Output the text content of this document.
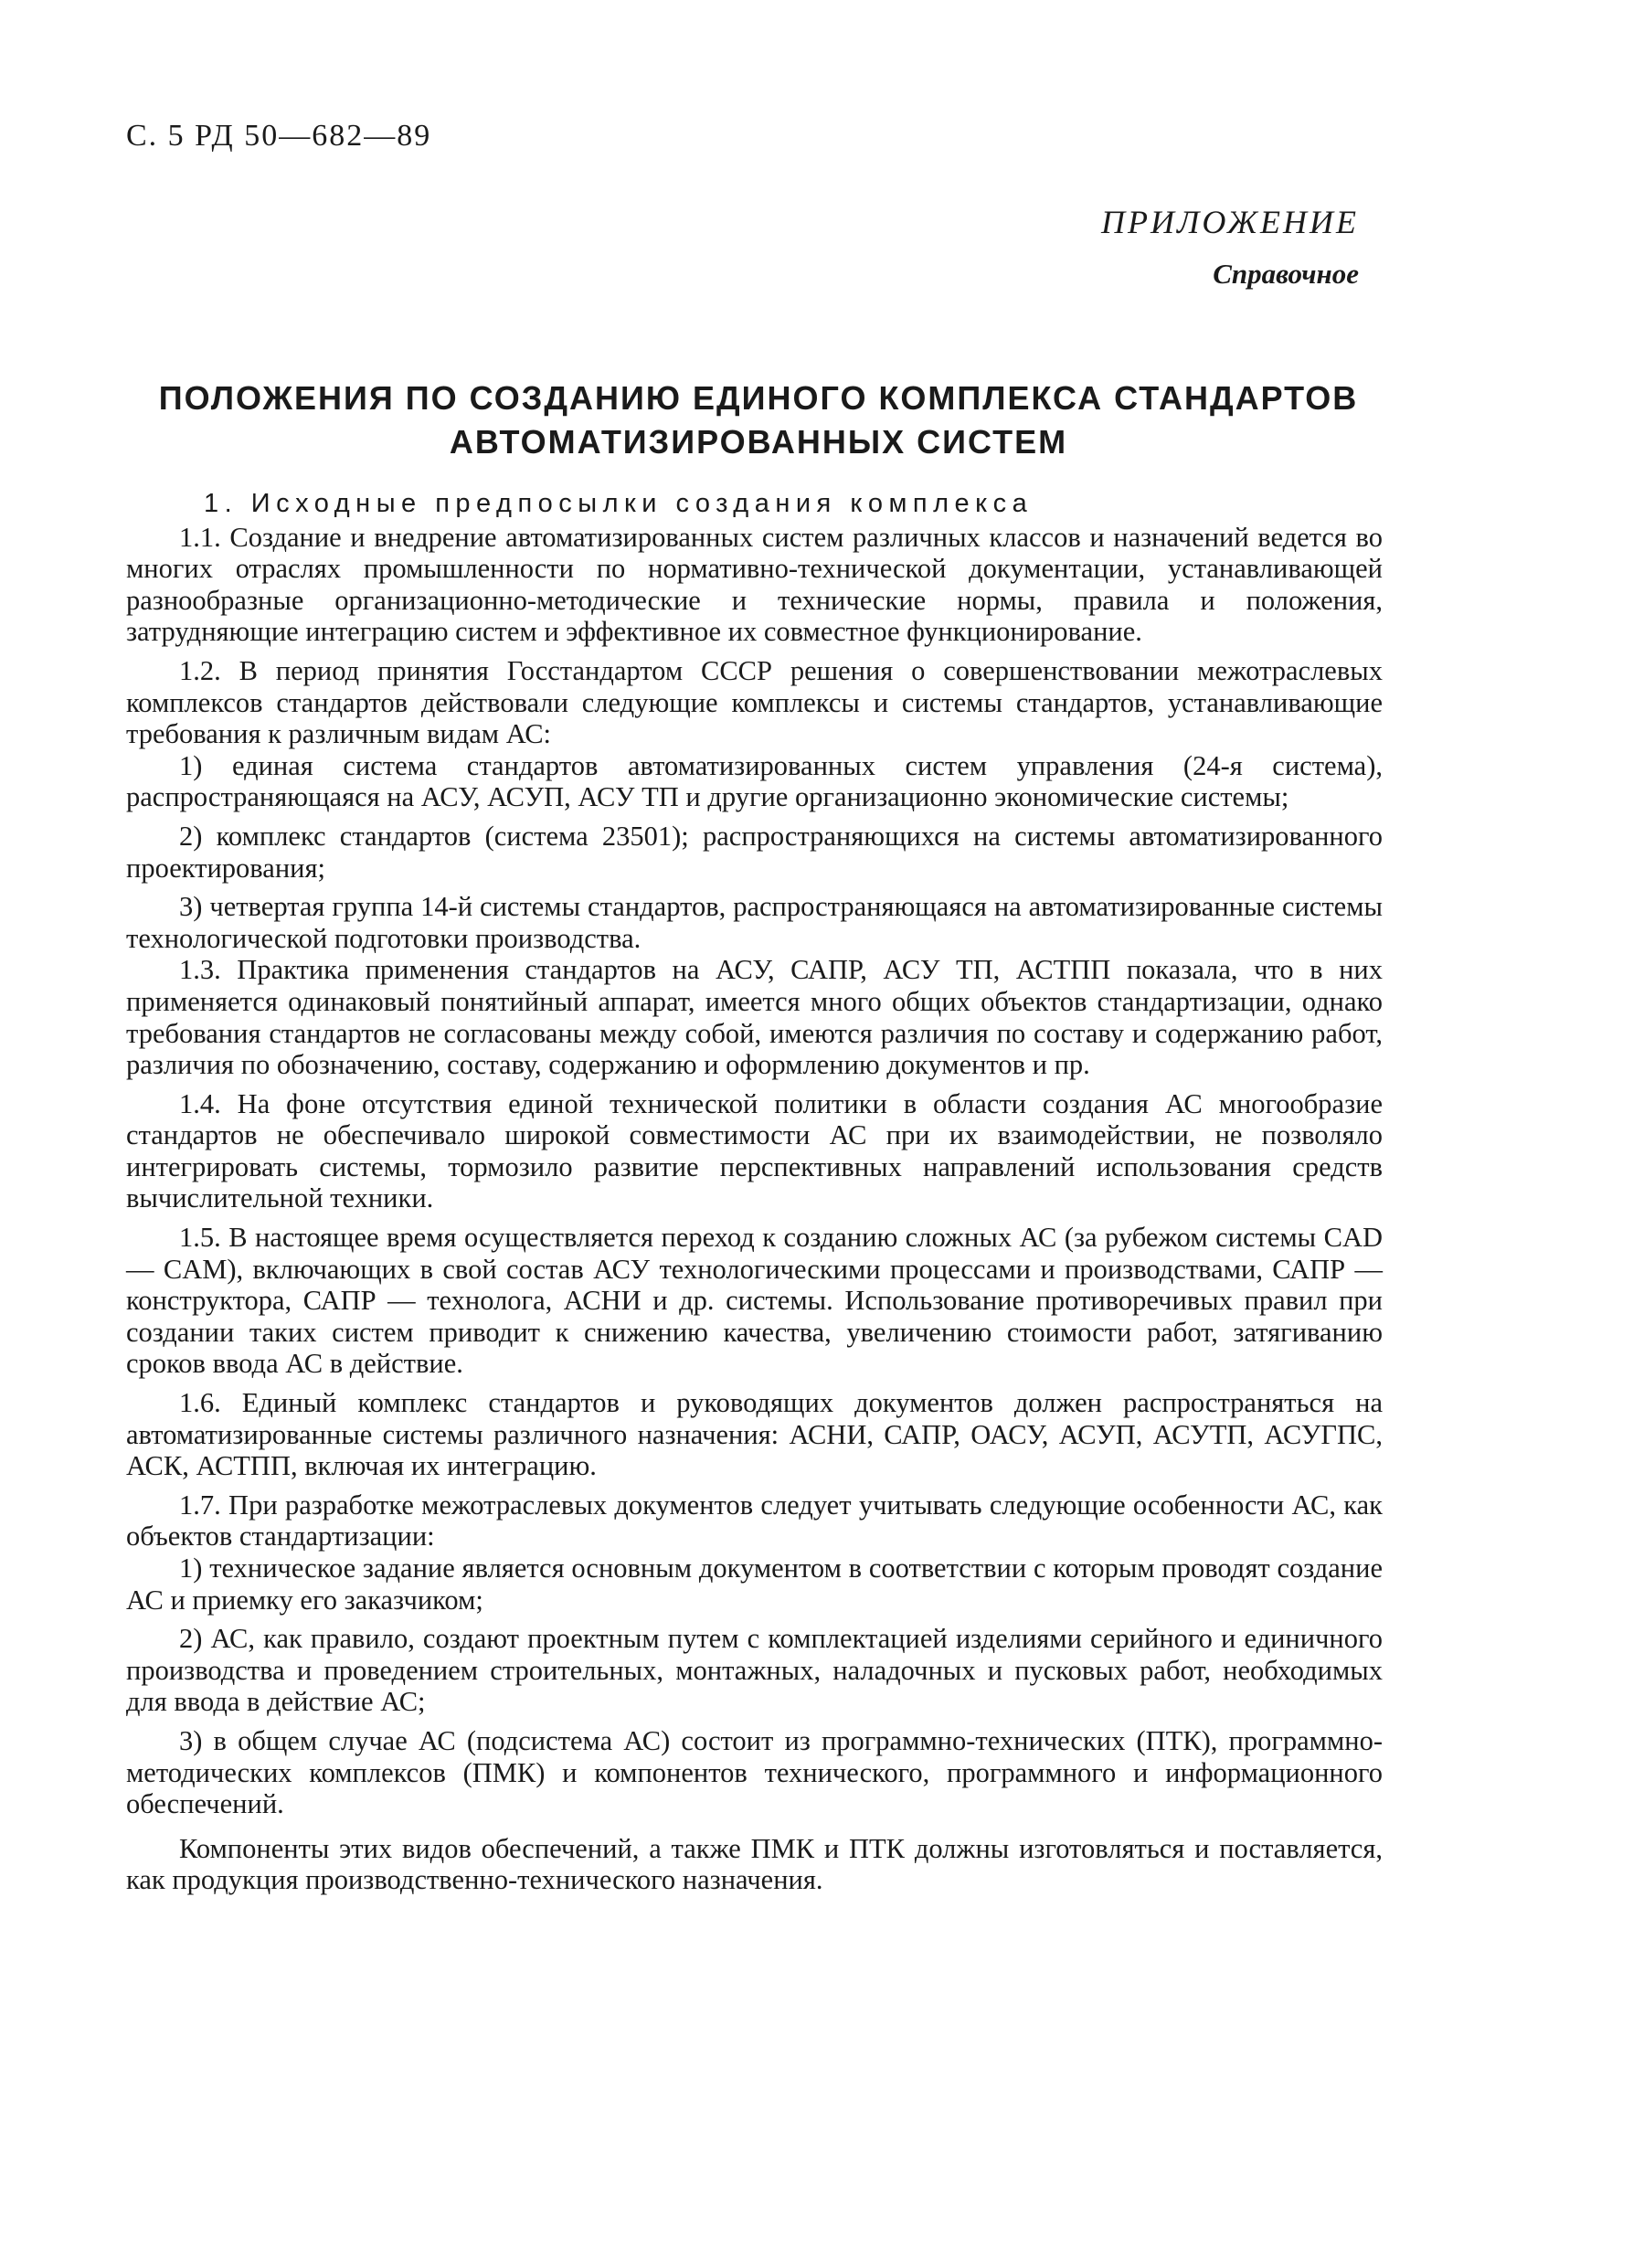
С. 5 РД 50—682—89
ПРИЛОЖЕНИЕ
Справочное
ПОЛОЖЕНИЯ ПО СОЗДАНИЮ ЕДИНОГО КОМПЛЕКСА СТАНДАРТОВ
АВТОМАТИЗИРОВАННЫХ СИСТЕМ

1. Исходные предпосылки создания комплекса

1.1. Создание и внедрение автоматизированных систем различных классов и назначений ведется во многих отраслях промышленности по нормативно-технической документации, устанавливающей разнообразные организационно-методические и технические нормы, правила и положения, затрудняющие интеграцию систем и эффективное их совместное функционирование.

1.2. В период принятия Госстандартом СССР решения о совершенствовании межотраслевых комплексов стандартов действовали следующие комплексы и системы стандартов, устанавливающие требования к различным видам АС:

1) единая система стандартов автоматизированных систем управления (24-я система), распространяющаяся на АСУ, АСУП, АСУ ТП и другие организационно экономические системы;

2) комплекс стандартов (система 23501); распространяющихся на системы автоматизированного проектирования;

3) четвертая группа 14-й системы стандартов, распространяющаяся на автоматизированные системы технологической подготовки производства.

1.3. Практика применения стандартов на АСУ, САПР, АСУ ТП, АСТПП показала, что в них применяется одинаковый понятийный аппарат, имеется много общих объектов стандартизации, однако требования стандартов не согласованы между собой, имеются различия по составу и содержанию работ, различия по обозначению, составу, содержанию и оформлению документов и пр.

1.4. На фоне отсутствия единой технической политики в области создания АС многообразие стандартов не обеспечивало широкой совместимости АС при их взаимодействии, не позволяло интегрировать системы, тормозило развитие перспективных направлений использования средств вычислительной техники.

1.5. В настоящее время осуществляется переход к созданию сложных АС (за рубежом системы CAD — CAM), включающих в свой состав АСУ технологическими процессами и производствами, САПР — конструктора, САПР — технолога, АСНИ и др. системы. Использование противоречивых правил при создании таких систем приводит к снижению качества, увеличению стоимости работ, затягиванию сроков ввода АС в действие.

1.6. Единый комплекс стандартов и руководящих документов должен распространяться на автоматизированные системы различного назначения: АСНИ, САПР, ОАСУ, АСУП, АСУТП, АСУГПС, АСК, АСТПП, включая их интеграцию.

1.7. При разработке межотраслевых документов следует учитывать следующие особенности АС, как объектов стандартизации:

1) техническое задание является основным документом в соответствии с которым проводят создание АС и приемку его заказчиком;

2) АС, как правило, создают проектным путем с комплектацией изделиями серийного и единичного производства и проведением строительных, монтажных, наладочных и пусковых работ, необходимых для ввода в действие АС;

3) в общем случае АС (подсистема АС) состоит из программно-технических (ПТК), программно-методических комплексов (ПМК) и компонентов технического, программного и информационного обеспечений.

Компоненты этих видов обеспечений, а также ПМК и ПТК должны изготовляться и поставляется, как продукция производственно-технического назначения.
